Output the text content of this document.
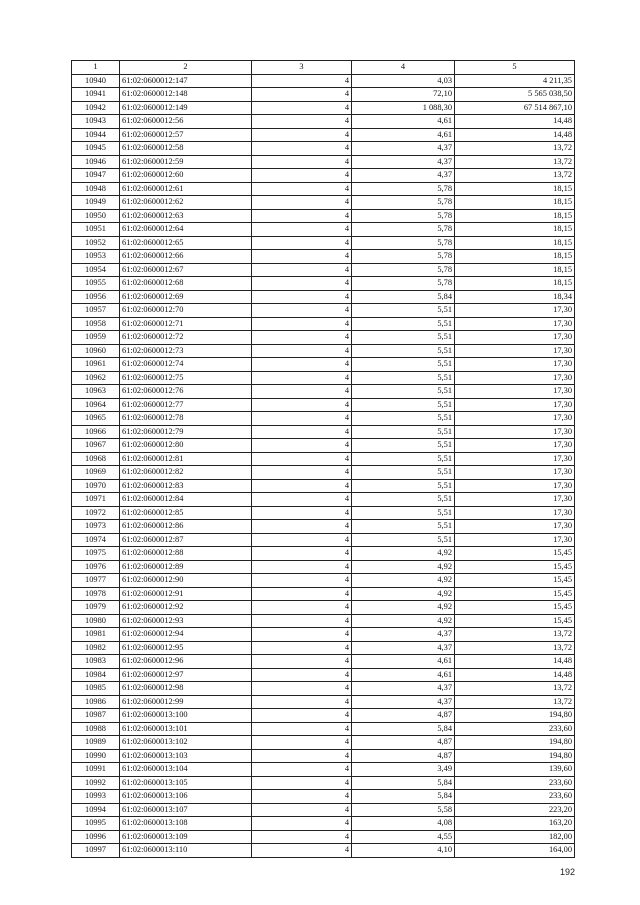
1	2	3	4	5
10940	61:02:0600012:147	4	4,03	4 211,35
10941	61:02:0600012:148	4	72,10	5 565 038,50
10942	61:02:0600012:149	4	1 088,30	67 514 867,10
10943	61:02:0600012:56	4	4,61	14,48
10944	61:02:0600012:57	4	4,61	14,48
10945	61:02:0600012:58	4	4,37	13,72
10946	61:02:0600012:59	4	4,37	13,72
10947	61:02:0600012:60	4	4,37	13,72
10948	61:02:0600012:61	4	5,78	18,15
10949	61:02:0600012:62	4	5,78	18,15
10950	61:02:0600012:63	4	5,78	18,15
10951	61:02:0600012:64	4	5,78	18,15
10952	61:02:0600012:65	4	5,78	18,15
10953	61:02:0600012:66	4	5,78	18,15
10954	61:02:0600012:67	4	5,78	18,15
10955	61:02:0600012:68	4	5,78	18,15
10956	61:02:0600012:69	4	5,84	18,34
10957	61:02:0600012:70	4	5,51	17,30
10958	61:02:0600012:71	4	5,51	17,30
10959	61:02:0600012:72	4	5,51	17,30
10960	61:02:0600012:73	4	5,51	17,30
10961	61:02:0600012:74	4	5,51	17,30
10962	61:02:0600012:75	4	5,51	17,30
10963	61:02:0600012:76	4	5,51	17,30
10964	61:02:0600012:77	4	5,51	17,30
10965	61:02:0600012:78	4	5,51	17,30
10966	61:02:0600012:79	4	5,51	17,30
10967	61:02:0600012:80	4	5,51	17,30
10968	61:02:0600012:81	4	5,51	17,30
10969	61:02:0600012:82	4	5,51	17,30
10970	61:02:0600012:83	4	5,51	17,30
10971	61:02:0600012:84	4	5,51	17,30
10972	61:02:0600012:85	4	5,51	17,30
10973	61:02:0600012:86	4	5,51	17,30
10974	61:02:0600012:87	4	5,51	17,30
10975	61:02:0600012:88	4	4,92	15,45
10976	61:02:0600012:89	4	4,92	15,45
10977	61:02:0600012:90	4	4,92	15,45
10978	61:02:0600012:91	4	4,92	15,45
10979	61:02:0600012:92	4	4,92	15,45
10980	61:02:0600012:93	4	4,92	15,45
10981	61:02:0600012:94	4	4,37	13,72
10982	61:02:0600012:95	4	4,37	13,72
10983	61:02:0600012:96	4	4,61	14,48
10984	61:02:0600012:97	4	4,61	14,48
10985	61:02:0600012:98	4	4,37	13,72
10986	61:02:0600012:99	4	4,37	13,72
10987	61:02:0600013:100	4	4,87	194,80
10988	61:02:0600013:101	4	5,84	233,60
10989	61:02:0600013:102	4	4,87	194,80
10990	61:02:0600013:103	4	4,87	194,80
10991	61:02:0600013:104	4	3,49	139,60
10992	61:02:0600013:105	4	5,84	233,60
10993	61:02:0600013:106	4	5,84	233,60
10994	61:02:0600013:107	4	5,58	223,20
10995	61:02:0600013:108	4	4,08	163,20
10996	61:02:0600013:109	4	4,55	182,00
10997	61:02:0600013:110	4	4,10	164,00
192
